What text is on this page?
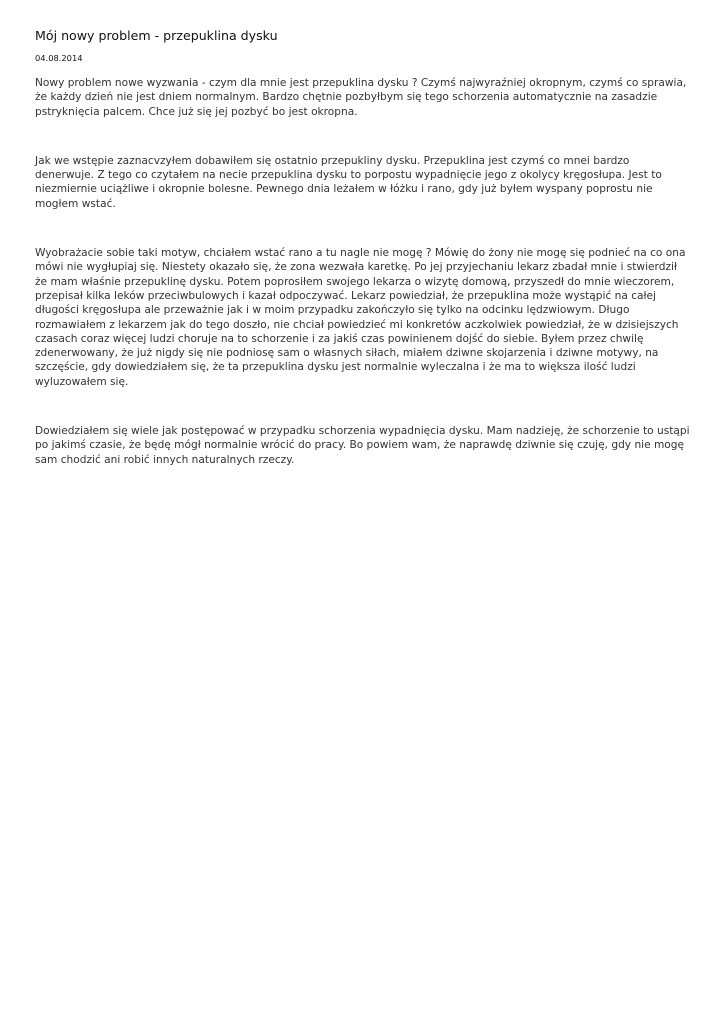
Mój nowy problem - przepuklina dysku

04.08.2014

Nowy problem nowe wyzwania - czym dla mnie jest przepuklina dysku ? Czymś najwyraźniej okropnym, czymś co sprawia, że każdy dzień nie jest dniem normalnym. Bardzo chętnie pozbyłbym się tego schorzenia automatycznie na zasadzie pstryknięcia palcem. Chce już się jej pozbyć bo jest okropna.

Jak we wstępie zaznacvzyłem dobawiłem się ostatnio przepukliny dysku. Przepuklina jest czymś co mnei bardzo denerwuje. Z tego co czytałem na necie przepuklina dysku to porpostu wypadnięcie jego z okolycy kręgosłupa. Jest to niezmiernie uciążliwe i okropnie bolesne. Pewnego dnia leżałem w łóżku i rano, gdy już byłem wyspany poprostu nie mogłem wstać.

Wyobrażacie sobie taki motyw, chciałem wstać rano a tu nagle nie mogę ? Mówię do żony nie mogę się podnieć na co ona mówi nie wygłupiaj się. Niestety okazało się, że zona wezwała karetkę. Po jej przyjechaniu lekarz zbadał mnie i stwierdził że mam właśnie przepuklinę dysku. Potem poprosiłem swojego lekarza o wizytę domową, przyszedł do mnie wieczorem, przepisał kilka leków przeciwbulowych i kazał odpoczywać. Lekarz powiedział, że przepuklina może wystąpić na całej długości kręgosłupa ale przeważnie jak i w moim przypadku zakończyło się tylko na odcinku lędzwiowym. Długo rozmawiałem z lekarzem jak do tego doszło, nie chciał powiedzieć mi konkretów aczkolwiek powiedział, że w dzisiejszych czasach coraz więcej ludzi choruje na to schorzenie i za jakiś czas powinienem dojść do siebie. Byłem przez chwilę zdenerwowany, że już nigdy się nie podniosę sam o własnych siłach, miałem dziwne skojarzenia i dziwne motywy, na szczęście, gdy dowiedziałem się, że ta przepuklina dysku jest normalnie wyleczalna i że ma to większa ilość ludzi wyluzowałem się.

Dowiedziałem się wiele jak postępować w przypadku schorzenia wypadnięcia dysku. Mam nadzieję, że schorzenie to ustąpi po jakimś czasie, że będę mógł normalnie wrócić do pracy. Bo powiem wam, że naprawdę dziwnie się czuję, gdy nie mogę sam chodzić ani robić innych naturalnych rzeczy.
